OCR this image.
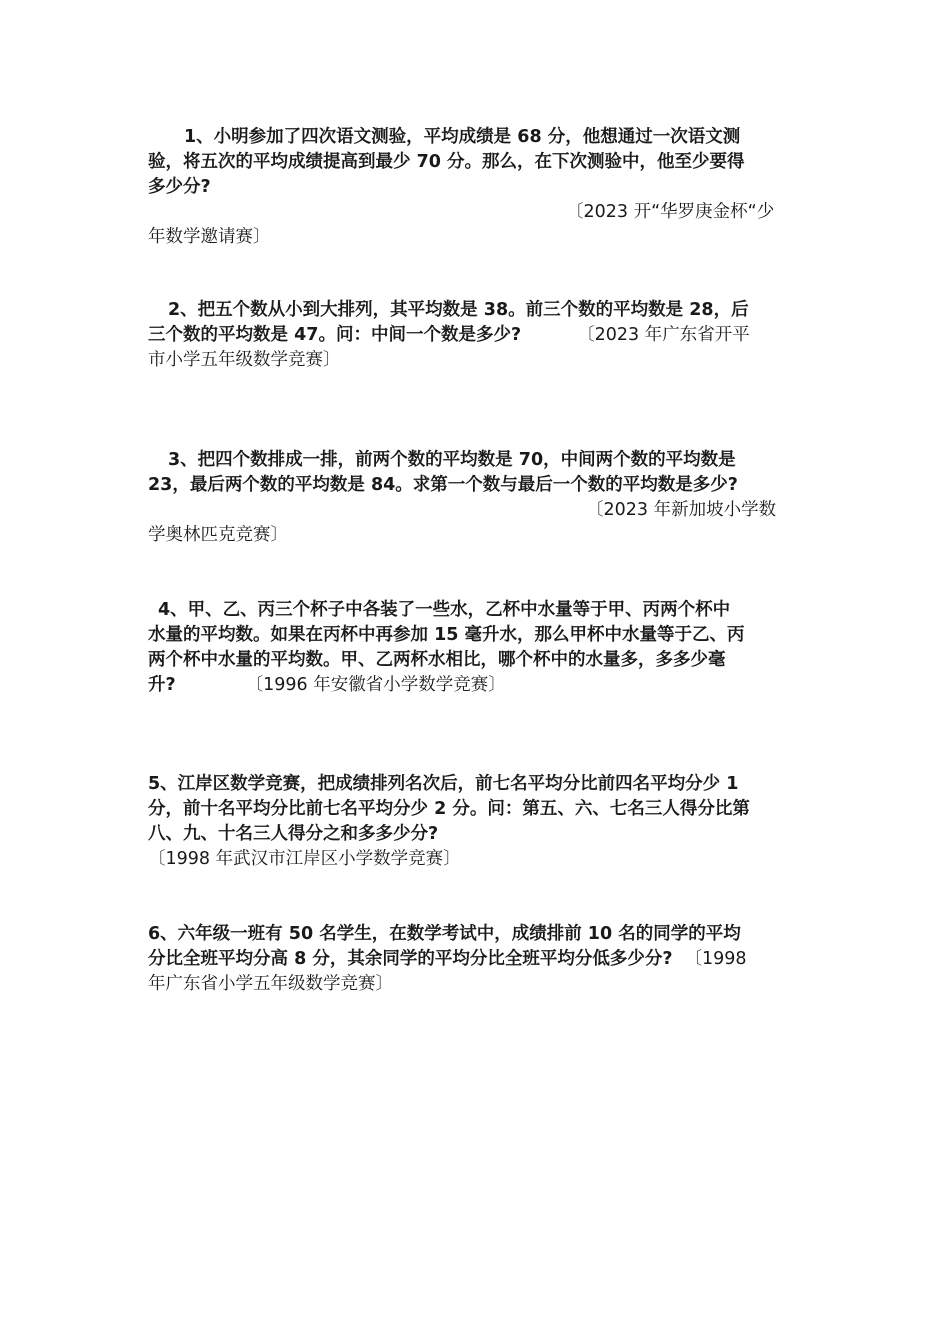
1、小明参加了四次语文测验，平均成绩是 68 分，他想通过一次语文测
验，将五次的平均成绩提高到最少 70 分。那么，在下次测验中，他至少要得
多少分?
〔2023 开“华罗庚金杯“少
年数学邀请赛〕
2、把五个数从小到大排列，其平均数是 38。前三个数的平均数是 28，后
三个数的平均数是 47。问：中间一个数是多少?	〔2023 年广东省开平
市小学五年级数学竞赛〕
3、把四个数排成一排，前两个数的平均数是 70，中间两个数的平均数是
23，最后两个数的平均数是 84。求第一个数与最后一个数的平均数是多少?
〔2023 年新加坡小学数
学奥林匹克竞赛〕
4、甲、乙、丙三个杯子中各装了一些水，乙杯中水量等于甲、丙两个杯中
水量的平均数。如果在丙杯中再参加 15 毫升水，那么甲杯中水量等于乙、丙
两个杯中水量的平均数。甲、乙两杯水相比，哪个杯中的水量多，多多少毫
升?	〔1996 年安徽省小学数学竞赛〕
5、江岸区数学竞赛，把成绩排列名次后，前七名平均分比前四名平均分少 1
分，前十名平均分比前七名平均分少 2 分。问：第五、六、七名三人得分比第
八、九、十名三人得分之和多多少分?
〔1998 年武汉市江岸区小学数学竞赛〕
6、六年级一班有 50 名学生，在数学考试中，成绩排前 10 名的同学的平均
分比全班平均分高 8 分，其余同学的平均分比全班平均分低多少分? 〔1998
年广东省小学五年级数学竞赛〕
